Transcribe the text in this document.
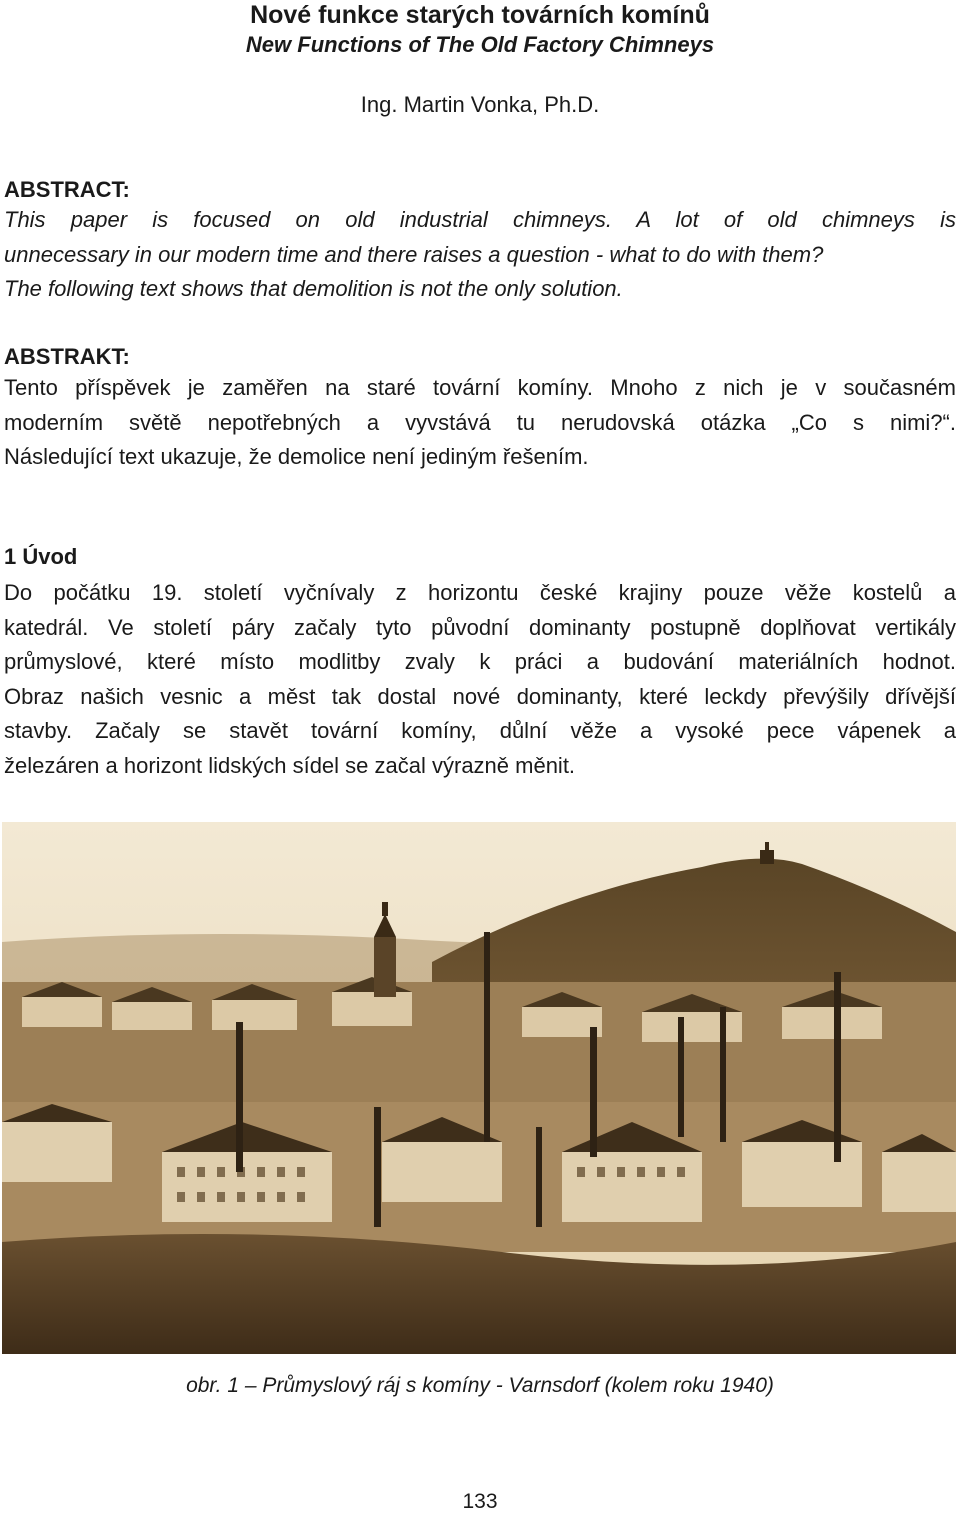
Nové funkce starých továrních komínů
New Functions of The Old Factory Chimneys
Ing. Martin Vonka, Ph.D.
ABSTRACT:
This paper is focused on old industrial chimneys. A lot of old chimneys is
unnecessary in our modern time and there raises a question - what to do with them?
The following text shows that demolition is not the only solution.
ABSTRAKT:
Tento příspěvek je zaměřen na staré tovární komíny. Mnoho z nich je v současném
moderním světě nepotřebných a vyvstává tu nerudovská otázka „Co s nimi?“.
Následující text ukazuje, že demolice není jediným řešením.
1 Úvod
Do počátku 19. století vyčnívaly z horizontu české krajiny pouze věže kostelů a
katedrál. Ve století páry začaly tyto původní dominanty postupně doplňovat vertikály
průmyslové, které místo modlitby zvaly k práci a budování materiálních hodnot.
Obraz našich vesnic a měst tak dostal nové dominanty, které leckdy převýšily dřívější
stavby. Začaly se stavět tovární komíny, důlní věže a vysoké pece vápenek a
železáren a horizont lidských sídel se začal výrazně měnit.
obr. 1 – Průmyslový ráj s komíny - Varnsdorf (kolem roku 1940)
133
